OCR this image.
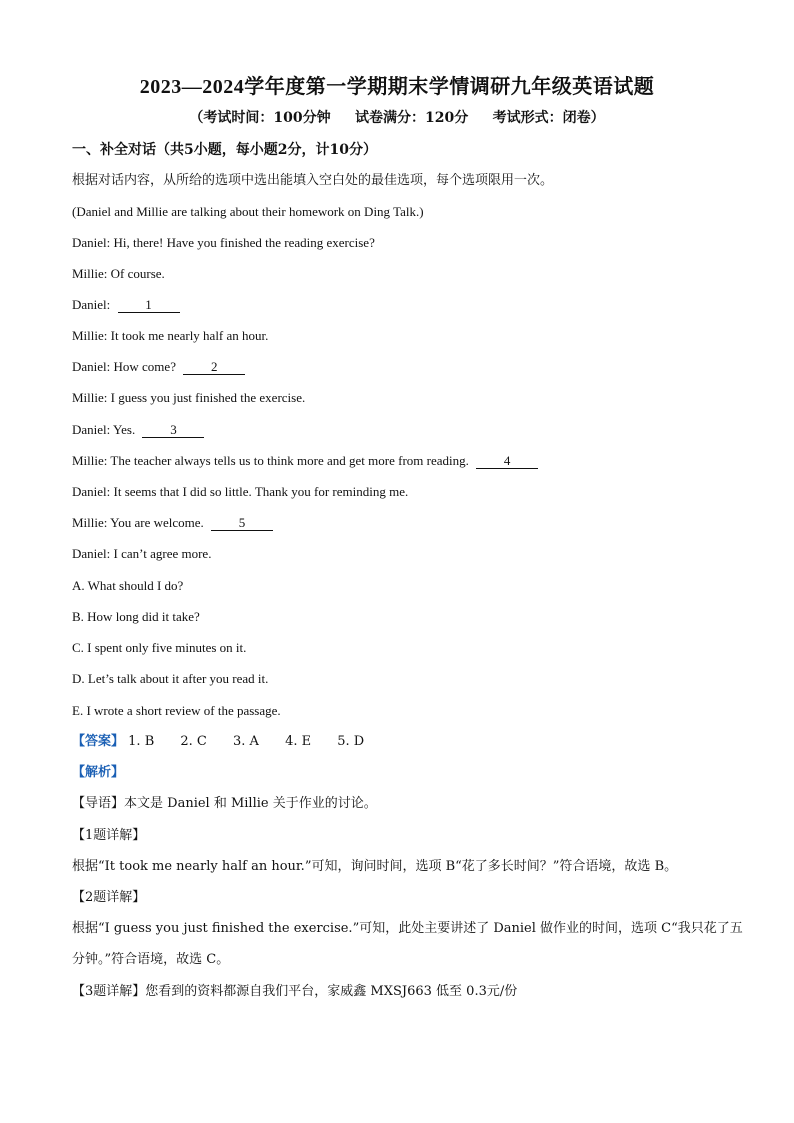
2023—2024学年度第一学期期末学情调研九年级英语试题
（考试时间：100分钟     试卷满分：120分     考试形式：闭卷）
一、补全对话（共5小题，每小题2分，计10分）
根据对话内容，从所给的选项中选出能填入空白处的最佳选项，每个选项限用一次。
(Daniel and Millie are talking about their homework on Ding Talk.)
Daniel: Hi, there! Have you finished the reading exercise?
Millie: Of course.
Daniel:	1
Millie: It took me nearly half an hour.
Daniel: How come?	2
Millie: I guess you just finished the exercise.
Daniel: Yes.	3
Millie: The teacher always tells us to think more and get more from reading.	4
Daniel: It seems that I did so little. Thank you for reminding me.
Millie: You are welcome.	5
Daniel: I can’t agree more.
A. What should I do?
B. How long did it take?
C. I spent only five minutes on it.
D. Let’s talk about it after you read it.
E. I wrote a short review of the passage.
【答案】 1. B 2. C 3. A 4. E 5. D
【解析】
【导语】本文是 Daniel 和 Millie 关于作业的讨论。
【1题详解】
根据“It took me nearly half an hour.”可知，询问时间，选项 B“花了多长时间？”符合语境，故选 B。
【2题详解】
根据“I guess you just finished the exercise.”可知，此处主要讲述了 Daniel 做作业的时间，选项 C“我只花了五
分钟。”符合语境，故选 C。
【3题详解】您看到的资料都源自我们平台，家威鑫 MXSJ663 低至 0.3元/份
